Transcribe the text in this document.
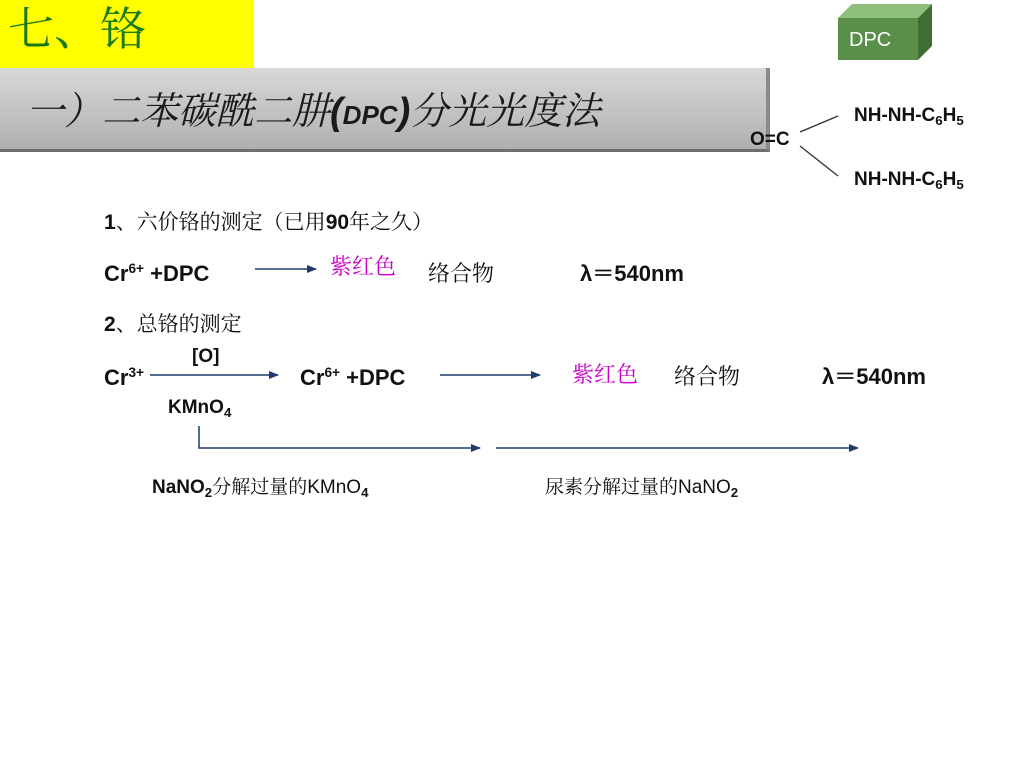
七、铬
一）二苯碳酰二肼(DPC)分光光度法
DPC
O=C
$NH-NH-C_6H_5$
$NH-NH-C_6H_5$
1、六价铬的测定（已用90年之久）
$Cr^{6+} +DPC$	紫红色 络合物	λ＝540nm
2、总铬的测定
[O]
$Cr^{3+}$
KMnO$_4$
$Cr^{6+} +DPC$	紫红色 络合物	λ＝540nm
NaNO$_2$分解过量的KMnO$_4$	尿素分解过量的NaNO$_2$
